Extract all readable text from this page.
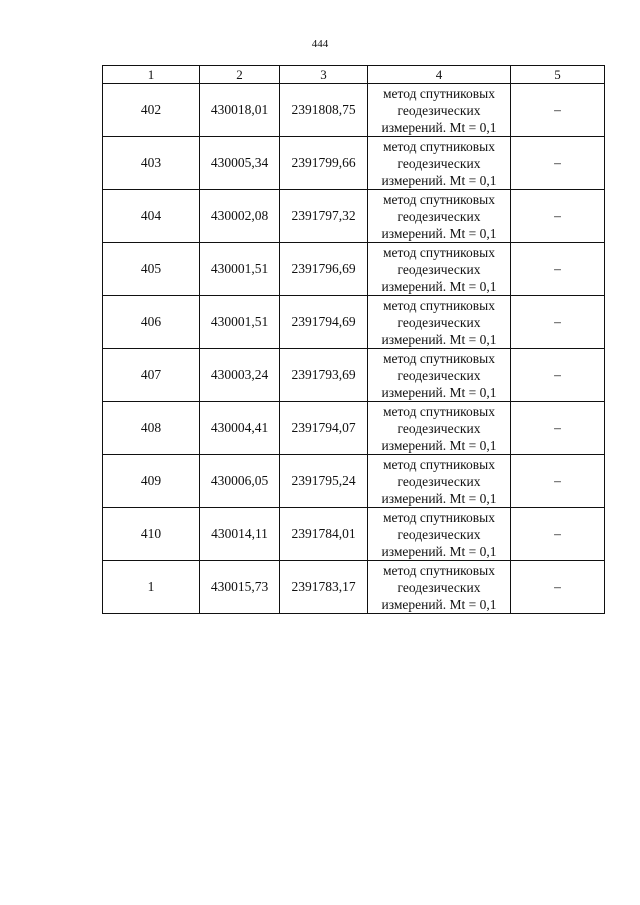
444
1	2	3	4	5
402	430018,01	2391808,75	метод спутниковых
геодезических
измерений. Mt = 0,1	–
403	430005,34	2391799,66	метод спутниковых
геодезических
измерений. Mt = 0,1	–
404	430002,08	2391797,32	метод спутниковых
геодезических
измерений. Mt = 0,1	–
405	430001,51	2391796,69	метод спутниковых
геодезических
измерений. Mt = 0,1	–
406	430001,51	2391794,69	метод спутниковых
геодезических
измерений. Mt = 0,1	–
407	430003,24	2391793,69	метод спутниковых
геодезических
измерений. Mt = 0,1	–
408	430004,41	2391794,07	метод спутниковых
геодезических
измерений. Mt = 0,1	–
409	430006,05	2391795,24	метод спутниковых
геодезических
измерений. Mt = 0,1	–
410	430014,11	2391784,01	метод спутниковых
геодезических
измерений. Mt = 0,1	–
1	430015,73	2391783,17	метод спутниковых
геодезических
измерений. Mt = 0,1	–
